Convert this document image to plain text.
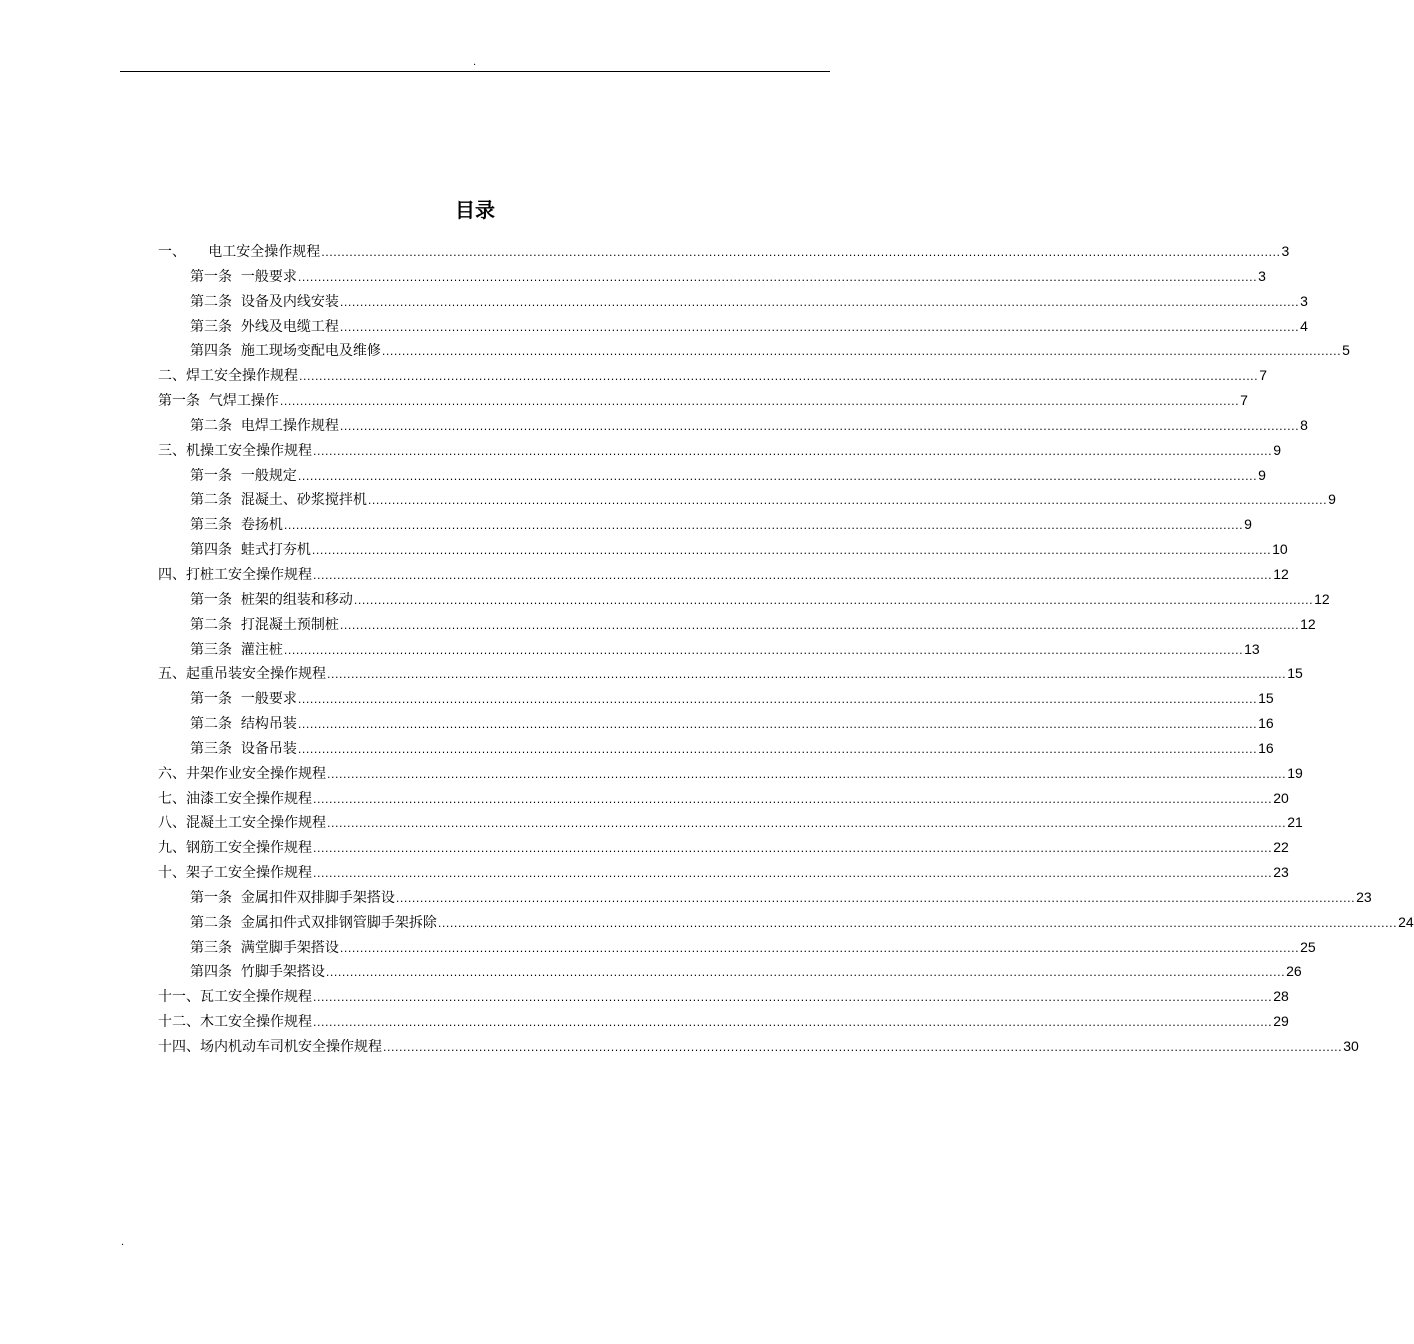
.
目录
一、     电工安全操作规程 ................................................................................................................................................................................................................................................ 3
第一条  一般要求 ................................................................................................................................................................................................................................................ 3
第二条  设备及内线安装 ................................................................................................................................................................................................................................................ 3
第三条  外线及电缆工程 ................................................................................................................................................................................................................................................ 4
第四条  施工现场变配电及维修 ................................................................................................................................................................................................................................................ 5
二、焊工安全操作规程 ................................................................................................................................................................................................................................................ 7
第一条  气焊工操作 ................................................................................................................................................................................................................................................ 7
第二条  电焊工操作规程 ................................................................................................................................................................................................................................................ 8
三、机操工安全操作规程 ................................................................................................................................................................................................................................................ 9
第一条  一般规定 ................................................................................................................................................................................................................................................ 9
第二条  混凝土、砂浆搅拌机 ................................................................................................................................................................................................................................................ 9
第三条  卷扬机 ................................................................................................................................................................................................................................................ 9
第四条  蛙式打夯机 ................................................................................................................................................................................................................................................ 10
四、打桩工安全操作规程 ................................................................................................................................................................................................................................................ 12
第一条  桩架的组装和移动 ................................................................................................................................................................................................................................................ 12
第二条  打混凝土预制桩 ................................................................................................................................................................................................................................................ 12
第三条  灌注桩 ................................................................................................................................................................................................................................................ 13
五、起重吊装安全操作规程 ................................................................................................................................................................................................................................................ 15
第一条  一般要求 ................................................................................................................................................................................................................................................ 15
第二条  结构吊装 ................................................................................................................................................................................................................................................ 16
第三条  设备吊装 ................................................................................................................................................................................................................................................ 16
六、井架作业安全操作规程 ................................................................................................................................................................................................................................................ 19
七、油漆工安全操作规程 ................................................................................................................................................................................................................................................ 20
八、混凝土工安全操作规程 ................................................................................................................................................................................................................................................ 21
九、钢筋工安全操作规程 ................................................................................................................................................................................................................................................ 22
十、架子工安全操作规程 ................................................................................................................................................................................................................................................ 23
第一条  金属扣件双排脚手架搭设 ................................................................................................................................................................................................................................................ 23
第二条  金属扣件式双排钢管脚手架拆除 ................................................................................................................................................................................................................................................ 24
第三条  满堂脚手架搭设 ................................................................................................................................................................................................................................................ 25
第四条  竹脚手架搭设 ................................................................................................................................................................................................................................................ 26
十一、瓦工安全操作规程 ................................................................................................................................................................................................................................................ 28
十二、木工安全操作规程 ................................................................................................................................................................................................................................................ 29
十四、场内机动车司机安全操作规程 ................................................................................................................................................................................................................................................ 30
.
